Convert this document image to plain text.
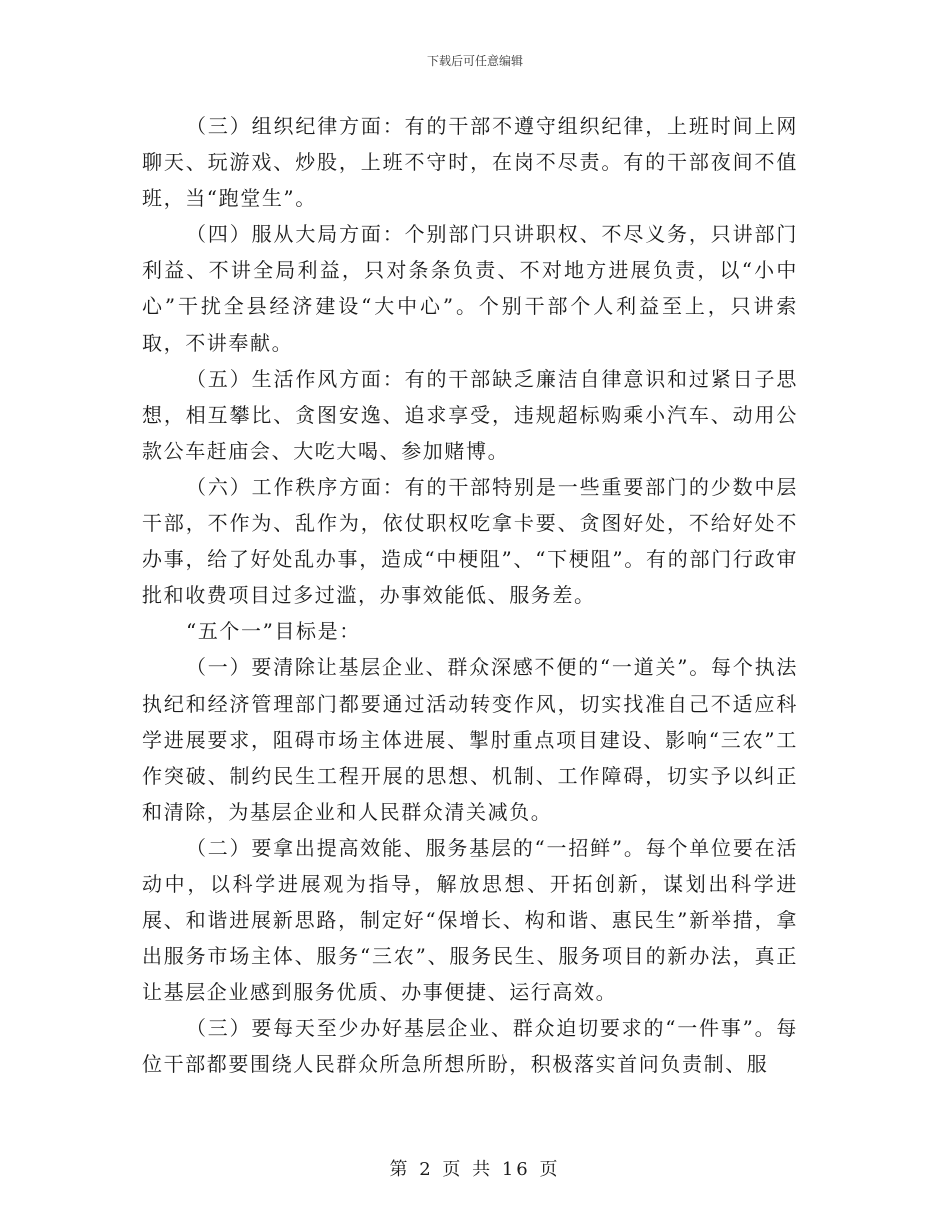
下载后可任意编辑

（三）组织纪律方面：有的干部不遵守组织纪律，上班时间上网聊天、玩游戏、炒股，上班不守时，在岗不尽责。有的干部夜间不值班，当“跑堂生”。

（四）服从大局方面：个别部门只讲职权、不尽义务，只讲部门利益、不讲全局利益，只对条条负责、不对地方进展负责，以“小中心”干扰全县经济建设“大中心”。个别干部个人利益至上，只讲索取，不讲奉献。

（五）生活作风方面：有的干部缺乏廉洁自律意识和过紧日子思想，相互攀比、贪图安逸、追求享受，违规超标购乘小汽车、动用公款公车赶庙会、大吃大喝、参加赌博。

（六）工作秩序方面：有的干部特别是一些重要部门的少数中层干部，不作为、乱作为，依仗职权吃拿卡要、贪图好处，不给好处不办事，给了好处乱办事，造成“中梗阻”、“下梗阻”。有的部门行政审批和收费项目过多过滥，办事效能低、服务差。

“五个一”目标是：

（一）要清除让基层企业、群众深感不便的“一道关”。每个执法执纪和经济管理部门都要通过活动转变作风，切实找准自己不适应科学进展要求，阻碍市场主体进展、掣肘重点项目建设、影响“三农”工作突破、制约民生工程开展的思想、机制、工作障碍，切实予以纠正和清除，为基层企业和人民群众清关减负。

（二）要拿出提高效能、服务基层的“一招鲜”。每个单位要在活动中，以科学进展观为指导，解放思想、开拓创新，谋划出科学进展、和谐进展新思路，制定好“保增长、构和谐、惠民生”新举措，拿出服务市场主体、服务“三农”、服务民生、服务项目的新办法，真正让基层企业感到服务优质、办事便捷、运行高效。

（三）要每天至少办好基层企业、群众迫切要求的“一件事”。每位干部都要围绕人民群众所急所想所盼，积极落实首问负责制、服

第 2 页 共 16 页
